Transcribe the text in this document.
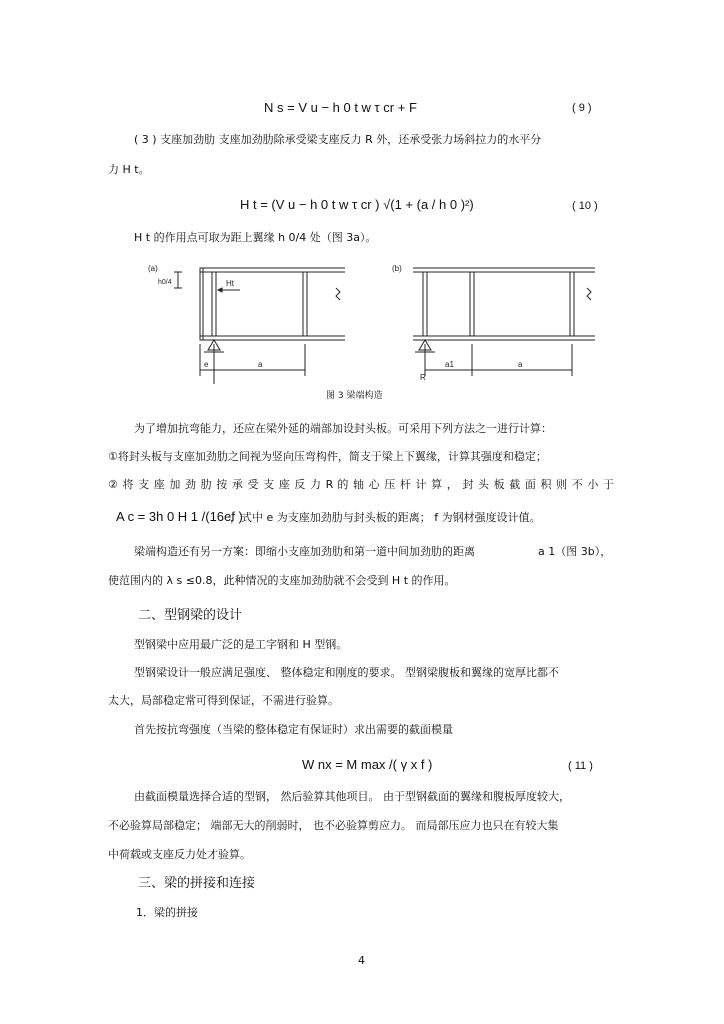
N s = V u − h 0 t w τ cr + F	( 9 )
( 3 ) 支座加劲肋 支座加劲肋除承受梁支座反力 R 外，还承受张力场斜拉力的水平分
力 H t。
H t = (V u − h 0 t w τ cr ) √(1 + (a / h 0 )²)	( 10 )
H t 的作用点可取为距上翼缘 h 0/4 处（图 3a）。
(a)	(b)
h0/4	Ht
e	a	a1	a
R
图 3 梁端构造
为了增加抗弯能力，还应在梁外延的端部加设封头板。可采用下列方法之一进行计算：
①将封头板与支座加劲肋之间视为竖向压弯构件，简支于梁上下翼缘，计算其强度和稳定；
② 将 支 座 加 劲 肋 按 承 受 支 座 反 力 R 的 轴 心 压 杆 计 算 ， 封 头 板 截 面 积 则 不 小 于
A c = 3h 0 H 1 /(16ef )
，式中 e 为支座加劲肋与封头板的距离； f 为钢材强度设计值。
梁端构造还有另一方案：即缩小支座加劲肋和第一道中间加劲肋的距离	a 1（图 3b），
使范围内的 λ s ≤0.8，此种情况的支座加劲肋就不会受到 H t 的作用。
二、型钢梁的设计
型钢梁中应用最广泛的是工字钢和 H 型钢。
型钢梁设计一般应满足强度、 整体稳定和刚度的要求。 型钢梁腹板和翼缘的宽厚比都不
太大，局部稳定常可得到保证，不需进行验算。
首先按抗弯强度（当梁的整体稳定有保证时）求出需要的截面模量
W nx = M max /( γ x f )	( 11 )
由截面模量选择合适的型钢， 然后验算其他项目。 由于型钢截面的翼缘和腹板厚度较大，
不必验算局部稳定； 端部无大的削弱时， 也不必验算剪应力。 而局部压应力也只在有较大集
中荷载或支座反力处才验算。
三、梁的拼接和连接
1．梁的拼接
4
